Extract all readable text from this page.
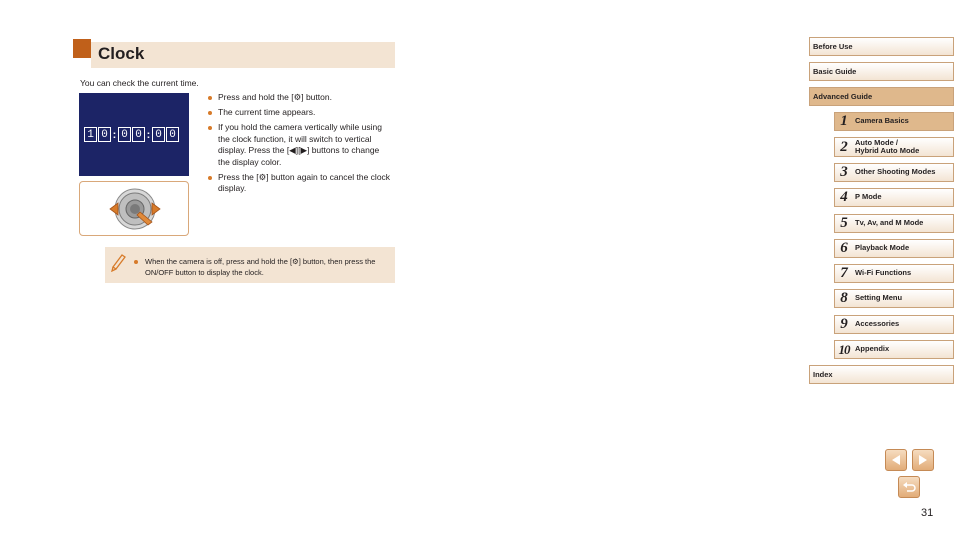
Clock
You can check the current time.
1 0 : 0 0 : 0 0
Press and hold the [⚙] button.
The current time appears.
If you hold the camera vertically while using the clock function, it will switch to vertical display. Press the [◀][▶] buttons to change the display color.
Press the [⚙] button again to cancel the clock display.
When the camera is off, press and hold the [⚙] button, then press the ON/OFF button to display the clock.
Before Use
Basic Guide
Advanced Guide
1 Camera Basics
2 Auto Mode /
Hybrid Auto Mode
3 Other Shooting Modes
4 P Mode
5 Tv, Av, and M Mode
6 Playback Mode
7 Wi-Fi Functions
8 Setting Menu
9 Accessories
10 Appendix
Index
31
